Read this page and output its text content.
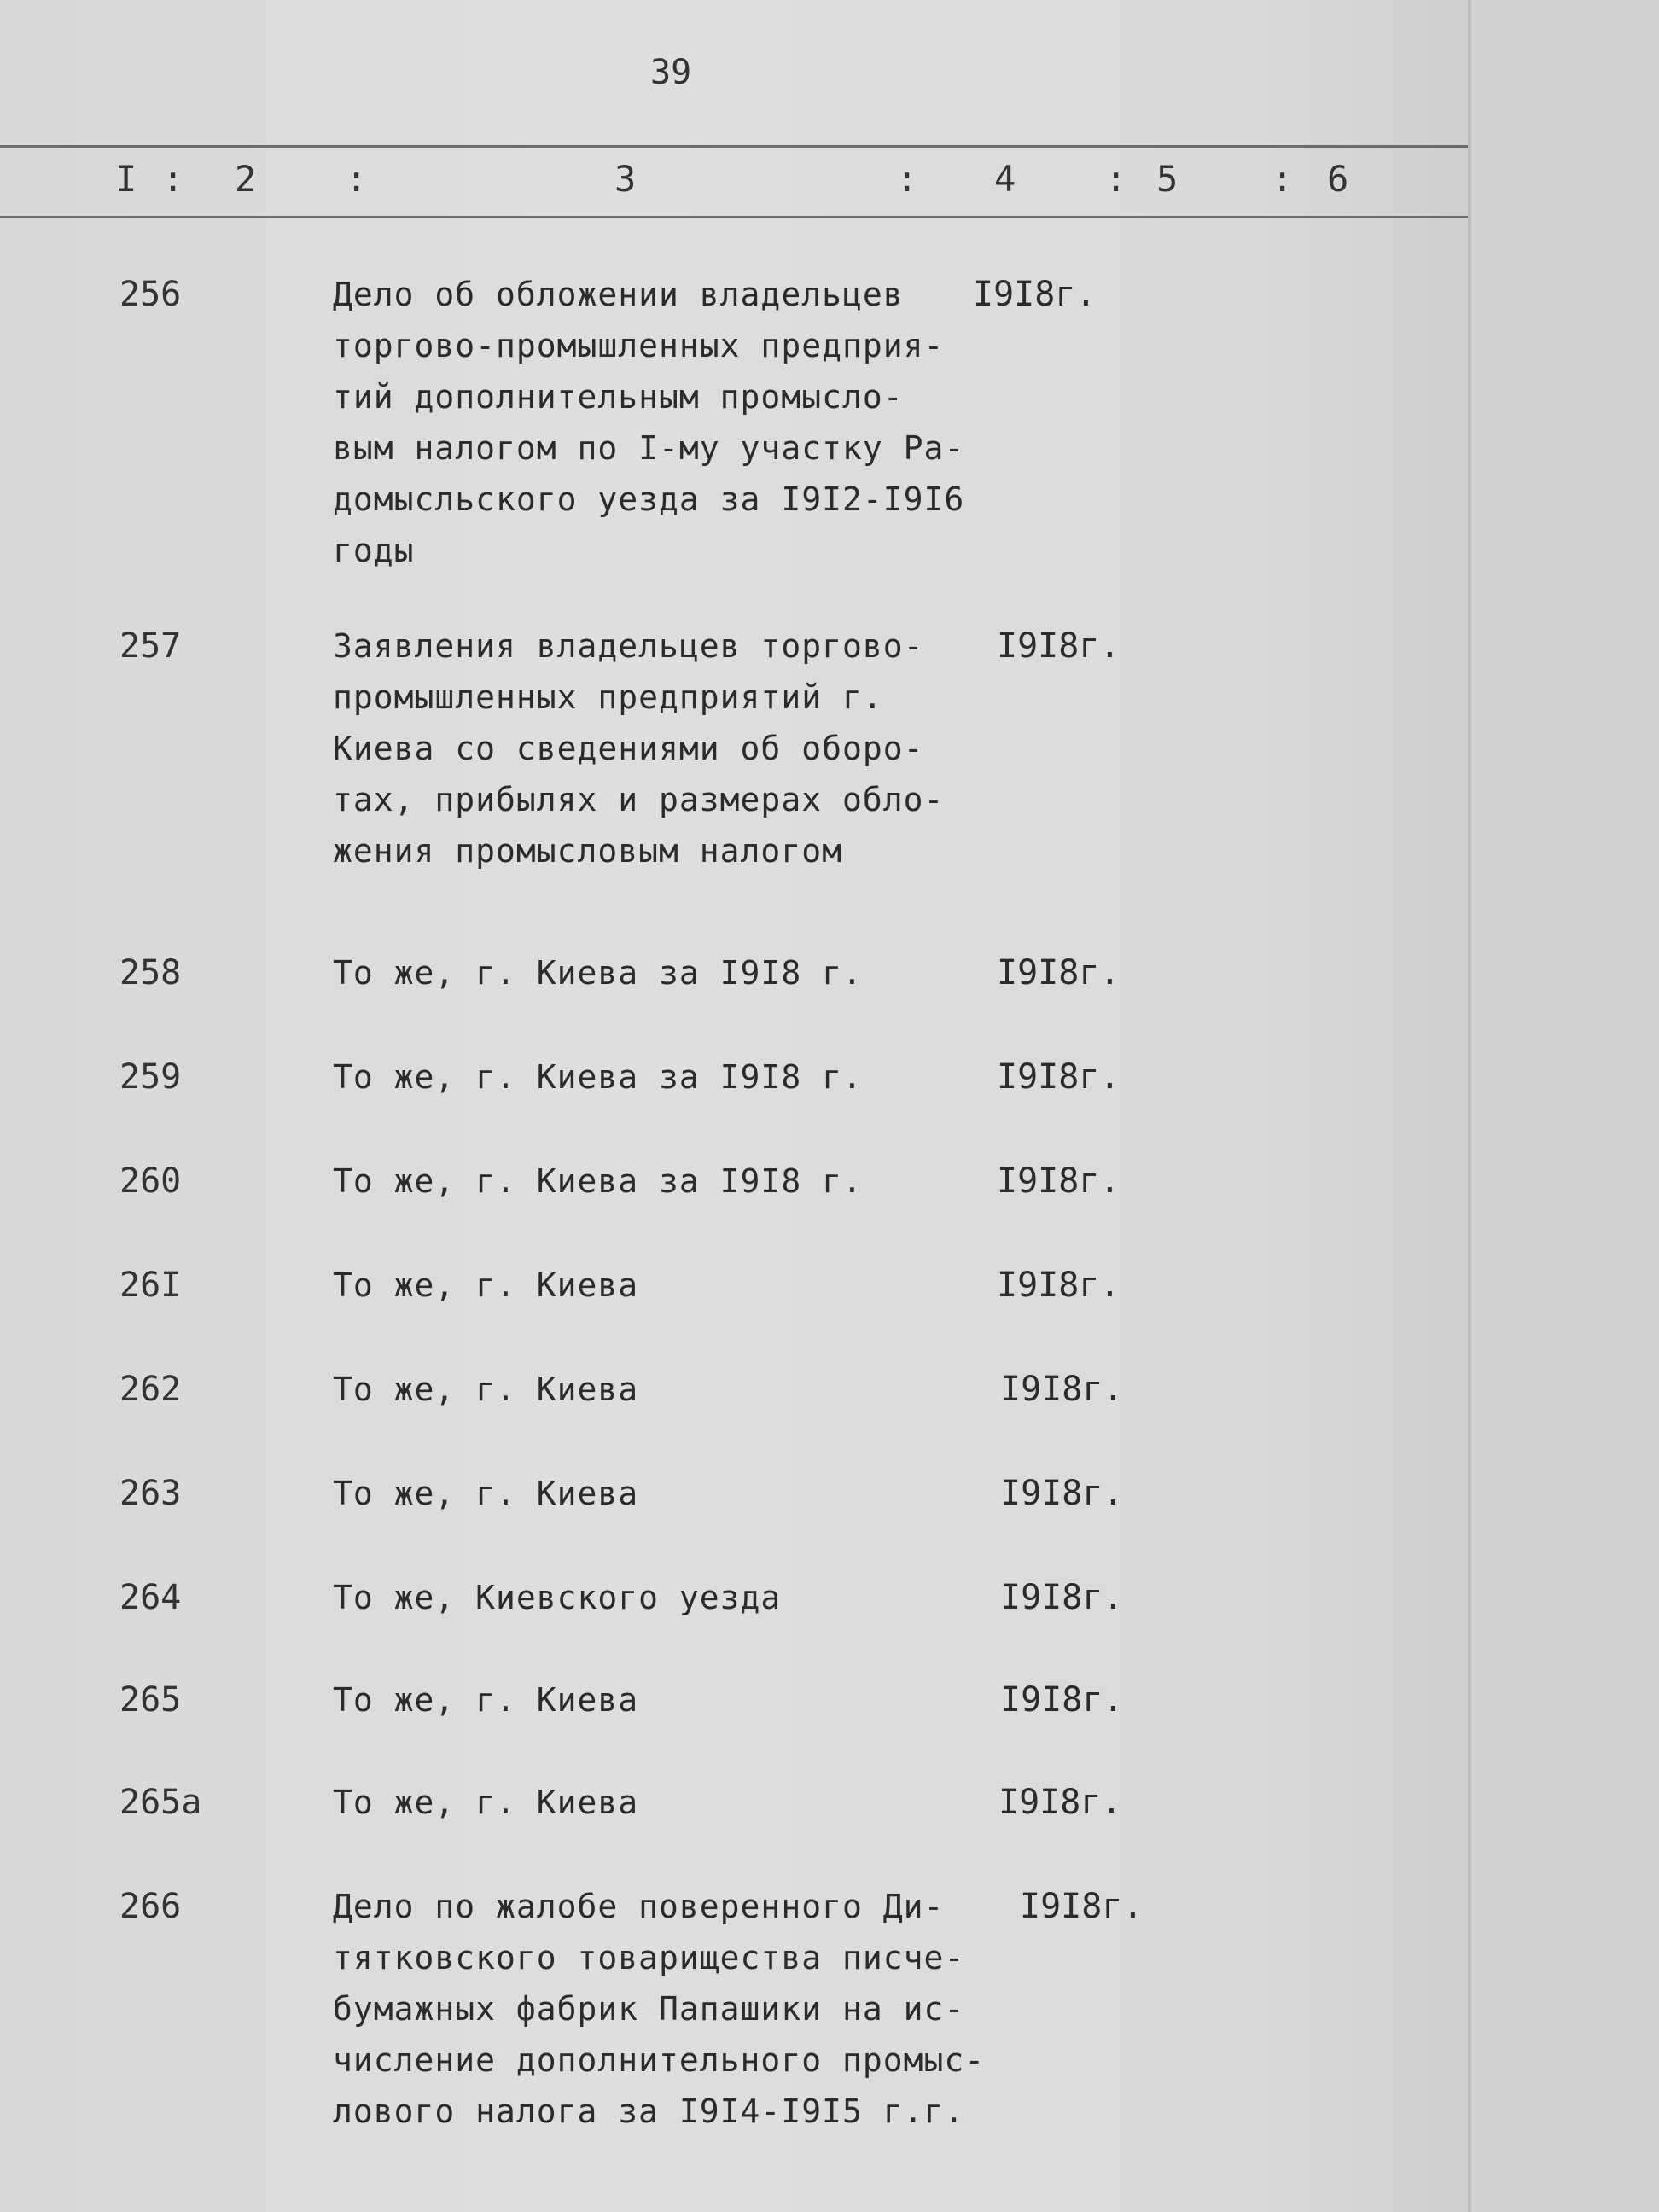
39
I : 2 :	3	: 4 : 5	: 6
256	Дело об обложении владельцев
торгово-промышленных предприя-
тий дополнительным промысло-
вым налогом по I-му участку Ра-
домысльского уезда за I9I2-I9I6
годы
I9I8г.
257	Заявления владельцев торгово-
промышленных предприятий г.
Киева со сведениями об оборо-
тах, прибылях и размерах обло-
жения промысловым налогом
I9I8г.
258	То же, г. Киева за I9I8 г.	I9I8г.
259	То же, г. Киева за I9I8 г.	I9I8г.
260	То же, г. Киева за I9I8 г.	I9I8г.
26I	То же, г. Киева	I9I8г.
262	То же, г. Киева	I9I8г.
263	То же, г. Киева	I9I8г.
264	То же, Киевского уезда	I9I8г.
265	То же, г. Киева	I9I8г.
265а	То же, г. Киева	I9I8г.
266	Дело по жалобе поверенного Ди-
тятковского товарищества писче-
бумажных фабрик Папашики на ис-
числение дополнительного промыс-
лового налога за I9I4-I9I5 г.г.
I9I8г.
